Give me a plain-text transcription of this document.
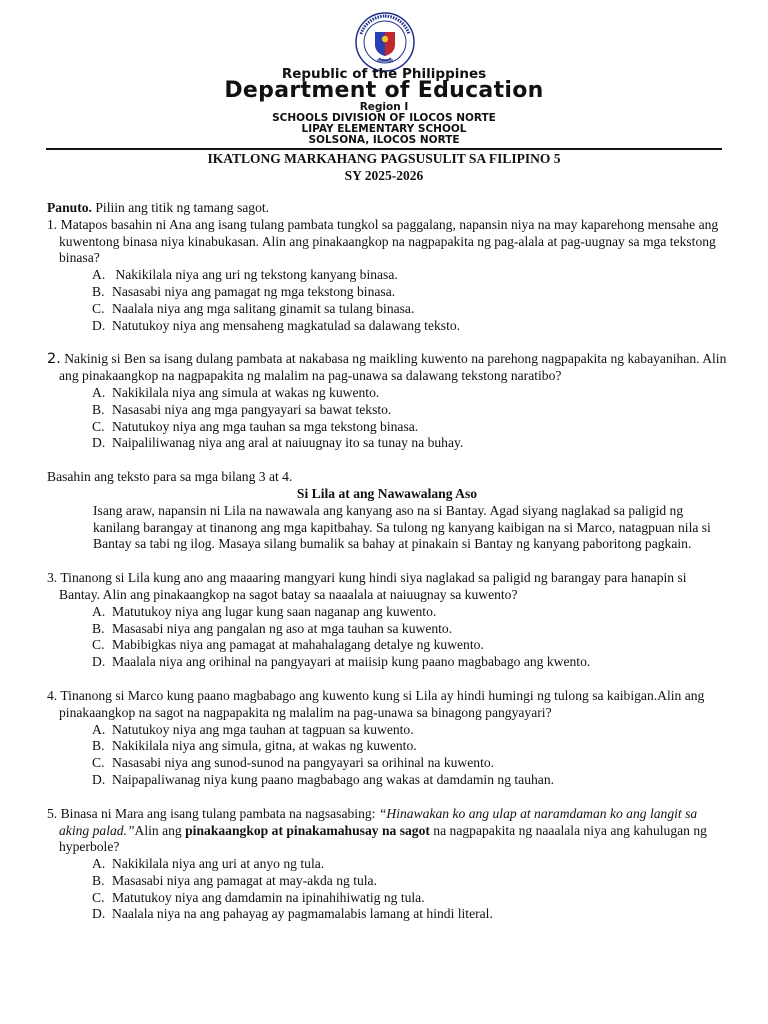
Republic of the Philippines
Department of Education
Region I
SCHOOLS DIVISION OF ILOCOS NORTE
LIPAY ELEMENTARY SCHOOL
SOLSONA, ILOCOS NORTE
IKATLONG MARKAHANG PAGSUSULIT SA FILIPINO 5
SY 2025-2026

Panuto. Piliin ang titik ng tamang sagot.

1. Matapos basahin ni Ana ang isang tulang pambata tungkol sa paggalang, napansin niya na may kaparehong mensahe ang kuwentong binasa niya kinabukasan. Alin ang pinakaangkop na nagpapakita ng pag-alala at pag-uugnay sa mga tekstong binasa?

A. Nakikilala niya ang uri ng tekstong kanyang binasa.

B. Nasasabi niya ang pamagat ng mga tekstong binasa.

C. Naalala niya ang mga salitang ginamit sa tulang binasa.

D. Natutukoy niya ang mensaheng magkatulad sa dalawang teksto.

2. Nakinig si Ben sa isang dulang pambata at nakabasa ng maikling kuwento na parehong nagpapakita ng kabayanihan. Alin ang pinakaangkop na nagpapakita ng malalim na pag-unawa sa dalawang tekstong naratibo?

A. Nakikilala niya ang simula at wakas ng kuwento.

B. Nasasabi niya ang mga pangyayari sa bawat teksto.

C. Natutukoy niya ang mga tauhan sa mga tekstong binasa.

D. Naipaliliwanag niya ang aral at naiuugnay ito sa tunay na buhay.

Basahin ang teksto para sa mga bilang 3 at 4.

Si Lila at ang Nawawalang Aso

Isang araw, napansin ni Lila na nawawala ang kanyang aso na si Bantay. Agad siyang naglakad sa paligid ng kanilang barangay at tinanong ang mga kapitbahay. Sa tulong ng kanyang kaibigan na si Marco, natagpuan nila si Bantay sa tabi ng ilog. Masaya silang bumalik sa bahay at pinakain si Bantay ng kanyang paboritong pagkain.

3. Tinanong si Lila kung ano ang maaaring mangyari kung hindi siya naglakad sa paligid ng barangay para hanapin si Bantay. Alin ang pinakaangkop na sagot batay sa naaalala at naiuugnay sa kuwento?

A. Matutukoy niya ang lugar kung saan naganap ang kuwento.

B. Masasabi niya ang pangalan ng aso at mga tauhan sa kuwento.

C. Mabibigkas niya ang pamagat at mahahalagang detalye ng kuwento.

D. Maalala niya ang orihinal na pangyayari at maiisip kung paano magbabago ang kwento.

4. Tinanong si Marco kung paano magbabago ang kuwento kung si Lila ay hindi humingi ng tulong sa kaibigan.Alin ang pinakaangkop na sagot na nagpapakita ng malalim na pag-unawa sa binagong pangyayari?

A. Natutukoy niya ang mga tauhan at tagpuan sa kuwento.

B. Nakikilala niya ang simula, gitna, at wakas ng kuwento.

C. Nasasabi niya ang sunod-sunod na pangyayari sa orihinal na kuwento.

D. Naipapaliwanag niya kung paano magbabago ang wakas at damdamin ng tauhan.

5. Binasa ni Mara ang isang tulang pambata na nagsasabing: “Hinawakan ko ang ulap at naramdaman ko ang langit sa aking palad.”Alin ang pinakaangkop at pinakamahusay na sagot na nagpapakita ng naaalala niya ang kahulugan ng hyperbole?

A. Nakikilala niya ang uri at anyo ng tula.

B. Masasabi niya ang pamagat at may-akda ng tula.

C. Matutukoy niya ang damdamin na ipinahihiwatig ng tula.

D. Naalala niya na ang pahayag ay pagmamalabis lamang at hindi literal.
